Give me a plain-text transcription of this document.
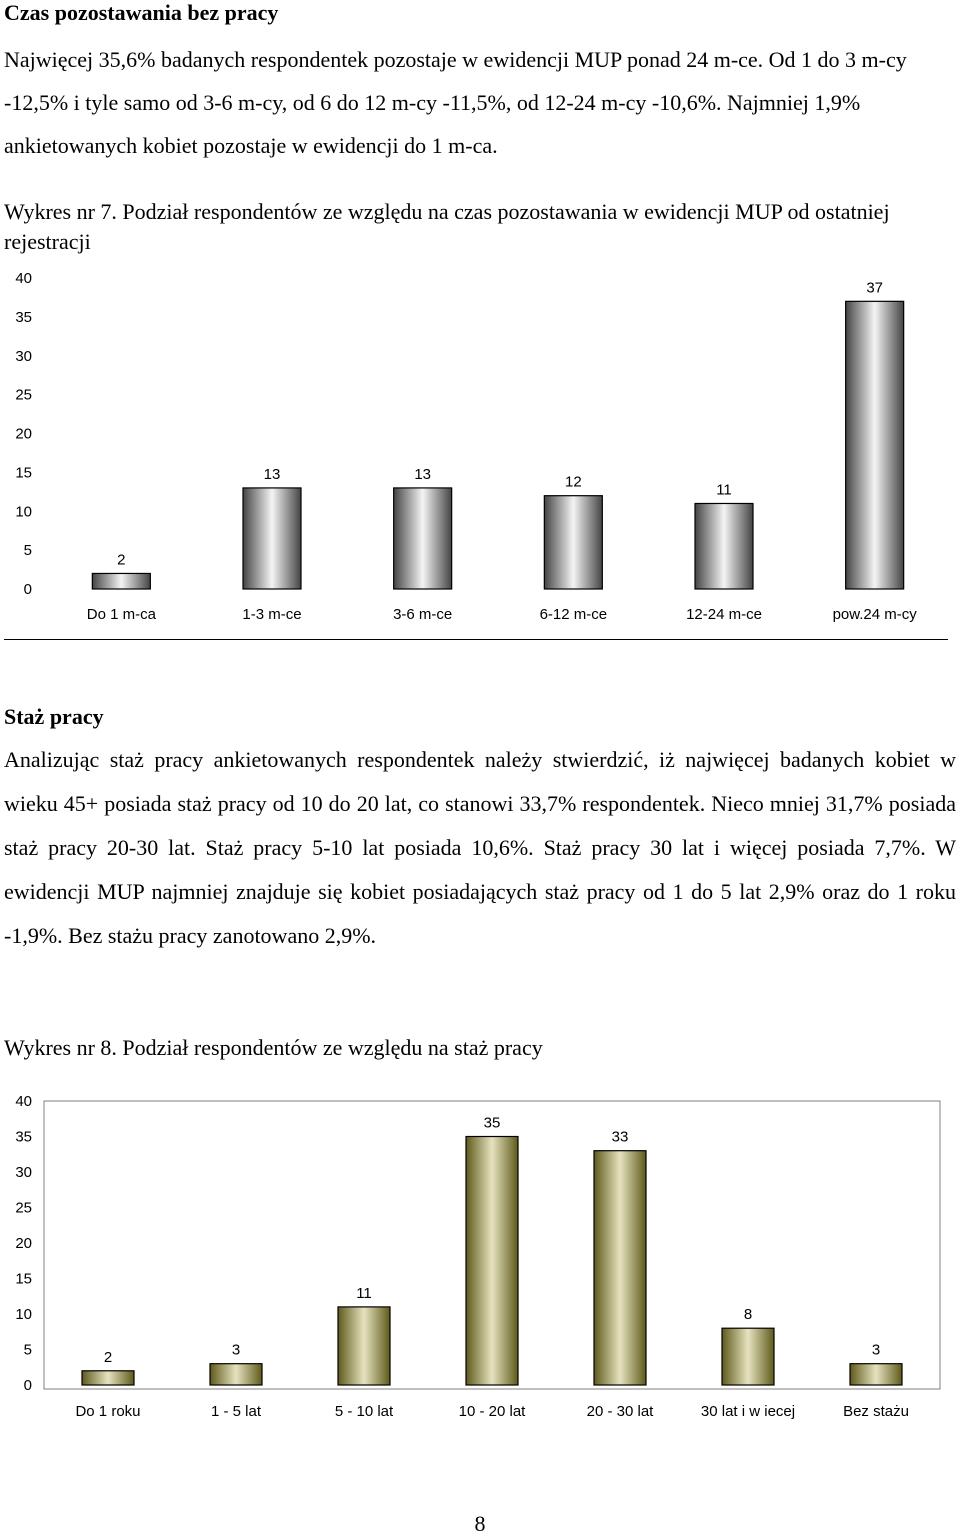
Czas pozostawania bez pracy

Najwięcej 35,6% badanych respondentek pozostaje w ewidencji MUP ponad 24 m-ce. Od 1 do 3 m-cy -12,5% i tyle samo od 3-6 m-cy, od 6 do 12 m-cy -11,5%, od 12-24 m-cy -10,6%. Najmniej 1,9% ankietowanych kobiet pozostaje w ewidencji do 1 m-ca.

Wykres nr 7. Podział respondentów ze względu na czas pozostawania w ewidencji MUP od ostatniej rejestracji

0
5
10
15
20
25
30
35
40
Do 1 m-ca	1-3 m-ce	3-6 m-ce	6-12 m-ce	12-24 m-ce	pow.24 m-cy
2
13	13	12	11
37
Staż pracy

Analizując staż pracy ankietowanych respondentek należy stwierdzić, iż najwięcej badanych kobiet w wieku 45+ posiada staż pracy od 10 do 20 lat, co stanowi 33,7% respondentek. Nieco mniej 31,7% posiada staż pracy 20-30 lat. Staż pracy 5-10 lat posiada 10,6%. Staż pracy 30 lat i więcej posiada 7,7%. W ewidencji MUP najmniej znajduje się kobiet posiadających staż pracy od 1 do 5 lat 2,9% oraz do 1 roku -1,9%. Bez stażu pracy zanotowano 2,9%.

Wykres nr 8. Podział respondentów ze względu na staż pracy

0
5
10
15
20
25
30
35
40
Do 1 roku	1 - 5 lat	5 - 10 lat	10 - 20 lat	20 - 30 lat	30 lat i w iecej	Bez stażu
2	3
11
35
33
8
3
8
